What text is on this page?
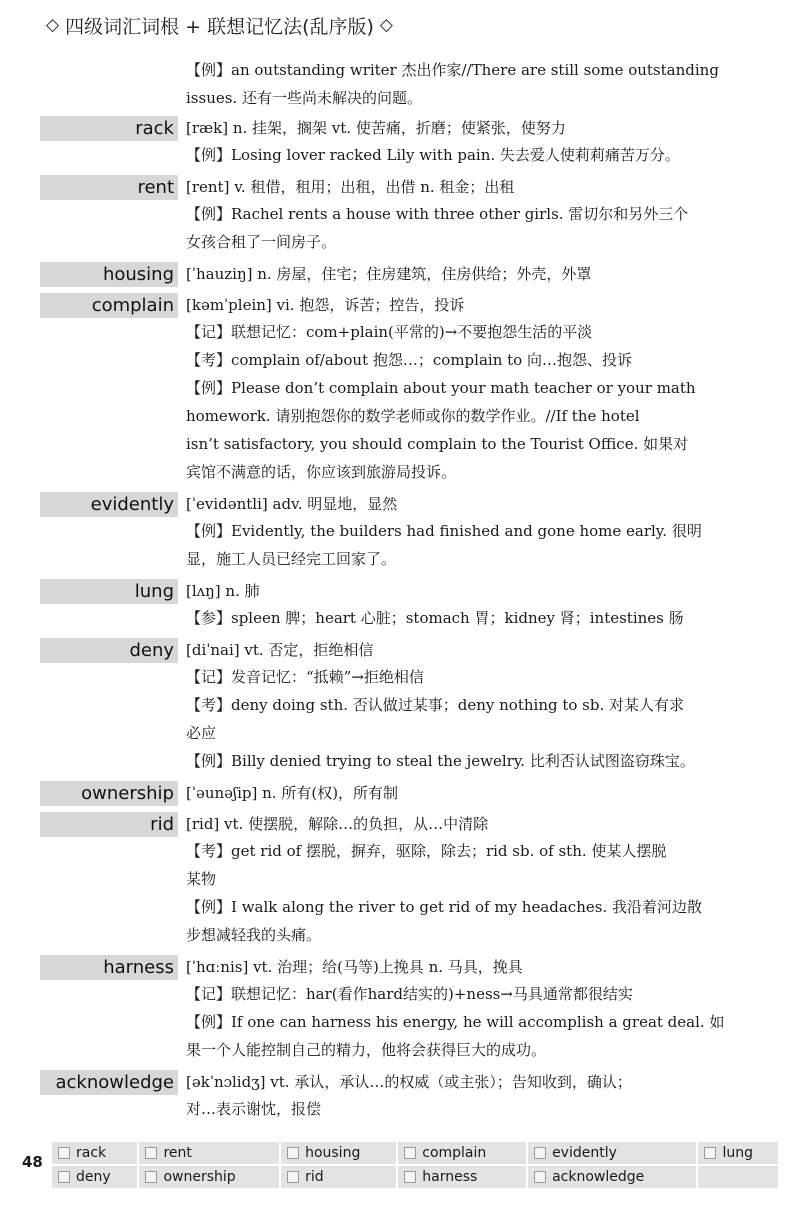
◇ 四级词汇词根 + 联想记忆法(乱序版) ◇
【例】an outstanding writer 杰出作家//There are still some outstanding
issues. 还有一些尚未解决的问题。
rack [ræk] n. 挂架，搁架 vt. 使苦痛，折磨；使紧张，使努力
【例】Losing lover racked Lily with pain. 失去爱人使莉莉痛苦万分。
rent [rent] v. 租借，租用；出租，出借 n. 租金；出租
【例】Rachel rents a house with three other girls. 雷切尔和另外三个
女孩合租了一间房子。
housing [ˈhauziŋ] n. 房屋，住宅；住房建筑，住房供给；外壳，外罩
complain [kəmˈplein] vi. 抱怨，诉苦；控告，投诉
【记】联想记忆：com+plain(平常的)→不要抱怨生活的平淡
【考】complain of/about 抱怨…；complain to 向…抱怨、投诉
【例】Please don’t complain about your math teacher or your math
homework. 请别抱怨你的数学老师或你的数学作业。//If the hotel
isn’t satisfactory, you should complain to the Tourist Office. 如果对
宾馆不满意的话，你应该到旅游局投诉。
evidently [ˈevidəntli] adv. 明显地，显然
【例】Evidently, the builders had finished and gone home early. 很明
显，施工人员已经完工回家了。
lung [lʌŋ] n. 肺
【参】spleen 脾；heart 心脏；stomach 胃；kidney 肾；intestines 肠
deny [diˈnai] vt. 否定，拒绝相信
【记】发音记忆：“抵赖”→拒绝相信
【考】deny doing sth. 否认做过某事；deny nothing to sb. 对某人有求
必应
【例】Billy denied trying to steal the jewelry. 比利否认试图盗窃珠宝。
ownership [ˈəunəʃip] n. 所有(权)，所有制
rid [rid] vt. 使摆脱，解除…的负担，从…中清除
【考】get rid of 摆脱，摒弃，驱除，除去；rid sb. of sth. 使某人摆脱
某物
【例】I walk along the river to get rid of my headaches. 我沿着河边散
步想减轻我的头痛。
harness [ˈhɑːnis] vt. 治理；给(马等)上挽具 n. 马具，挽具
【记】联想记忆：har(看作hard结实的)+ness→马具通常都很结实
【例】If one can harness his energy, he will accomplish a great deal. 如
果一个人能控制自己的精力，他将会获得巨大的成功。
acknowledge [əkˈnɔlidʒ] vt. 承认，承认…的权威（或主张）；告知收到，确认；
对…表示谢忱，报偿
rack	rent	housing	complain	evidently	lung
deny	ownership	rid	harness	acknowledge	
48
